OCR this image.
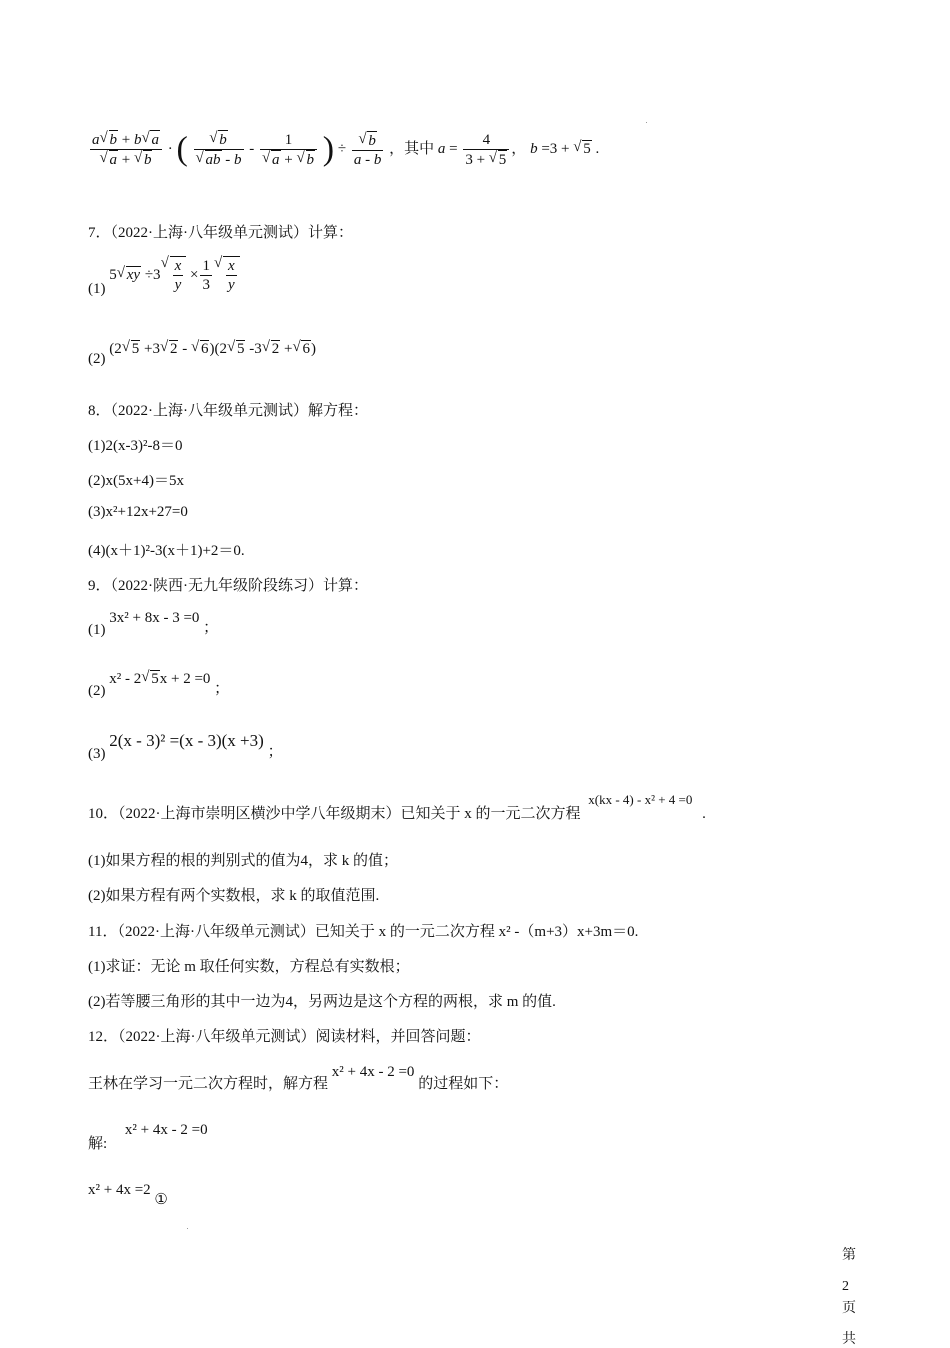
a √ b + b √ a
√ a + √ b · ( √ b
√ ab - b - 1
√ a + √ b ) ÷ √ $\frac{b}{a - b}$ ，其中 $a = \frac{4}{3 + √ 5}$ ， b =3 + √ 5 .
7．（2022·上海·八年级单元测试）计算：
(1) 5 √ xy ÷3 √ $\frac{x}{y} \times \frac{1}{3}$ √ $\frac{x}{y}$
(2) (2 √ 5 +3 √ 2 - √ 6)(2 √ 5 -3 √ 2 + √ 6)
8．（2022·上海·八年级单元测试）解方程：
(1)2(x-3)²-8＝0
(2)x(5x+4)＝5x
(3)x²+12x+27=0
(4)(x＋1)²-3(x＋1)+2＝0.
9．（2022·陕西·无九年级阶段练习）计算：
(1) 3x² + 8x - 3 =0 ；
(2) x² - 2 √ 5x + 2 =0 ；
(3) 2(x - 3)² =(x - 3)(x +3) ；
10．（2022·上海市崇明区横沙中学八年级期末）已知关于 x 的一元二次方程 x(kx - 4) - x² + 4 =0 .
(1)如果方程的根的判别式的值为4，求 k 的值；
(2)如果方程有两个实数根，求 k 的取值范围.
11．（2022·上海·八年级单元测试）已知关于 x 的一元二次方程 x² -（m+3）x+3m＝0.
(1)求证：无论 m 取任何实数，方程总有实数根；
(2)若等腰三角形的其中一边为4，另两边是这个方程的两根，求 m 的值.
12．（2022·上海·八年级单元测试）阅读材料，并回答问题：
王林在学习一元二次方程时，解方程 x² + 4x - 2 =0 的过程如下：
解: x² + 4x - 2 =0
x² + 4x =2 ①
第
2
页
共
